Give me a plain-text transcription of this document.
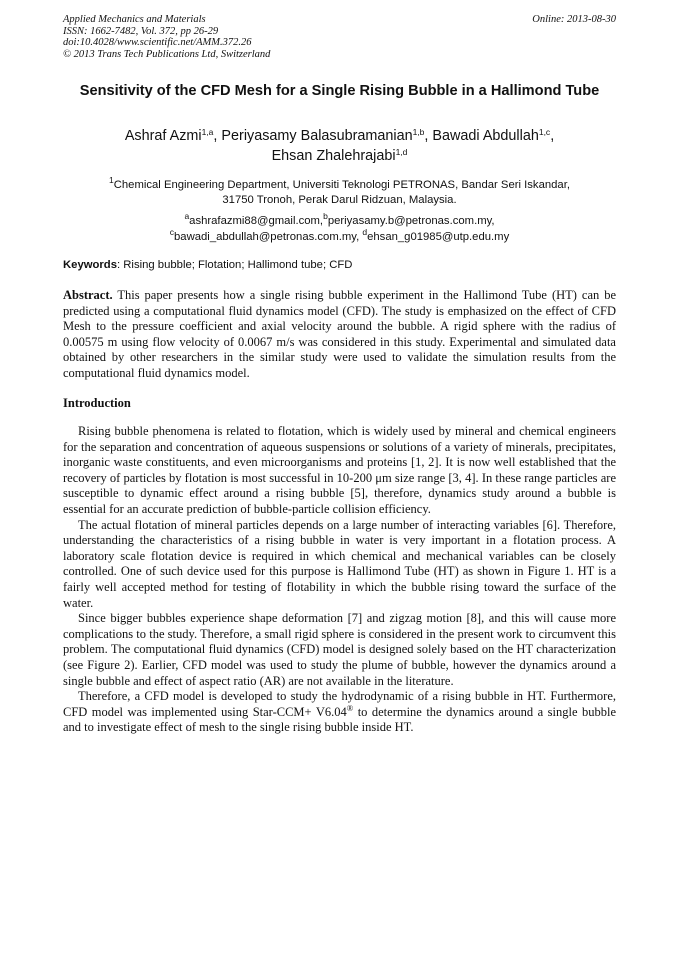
Applied Mechanics and Materials
ISSN: 1662-7482, Vol. 372, pp 26-29
doi:10.4028/www.scientific.net/AMM.372.26
© 2013 Trans Tech Publications Ltd, Switzerland
Online: 2013-08-30
Sensitivity of the CFD Mesh for a Single Rising Bubble in a Hallimond Tube
Ashraf Azmi$^{1,a}$, Periyasamy Balasubramanian$^{1,b}$, Bawadi Abdullah$^{1,c}$,
Ehsan Zhalehrajabi$^{1,d}$
$^1$Chemical Engineering Department, Universiti Teknologi PETRONAS, Bandar Seri Iskandar,
31750 Tronoh, Perak Darul Ridzuan, Malaysia.
$^a$ashrafazmi88@gmail.com,$^b$periyasamy.b@petronas.com.my,
$^c$bawadi_abdullah@petronas.com.my, $^d$ehsan_g01985@utp.edu.my
Keywords: Rising bubble; Flotation; Hallimond tube; CFD
Abstract. This paper presents how a single rising bubble experiment in the Hallimond Tube (HT) can be predicted using a computational fluid dynamics model (CFD). The study is emphasized on the effect of CFD Mesh to the pressure coefficient and axial velocity around the bubble. A rigid sphere with the radius of 0.00575 m using flow velocity of 0.0067 m/s was considered in this study. Experimental and simulated data obtained by other researchers in the similar study were used to validate the simulation results from the computational fluid dynamics model.
Introduction

Rising bubble phenomena is related to flotation, which is widely used by mineral and chemical engineers for the separation and concentration of aqueous suspensions or solutions of a variety of minerals, precipitates, inorganic waste constituents, and even microorganisms and proteins [1, 2]. It is now well established that the recovery of particles by flotation is most successful in 10-200 μm size range [3, 4]. In these range particles are susceptible to dynamic effect around a rising bubble [5], therefore, dynamics study around a bubble is essential for an accurate prediction of bubble-particle collision efficiency.

The actual flotation of mineral particles depends on a large number of interacting variables [6]. Therefore, understanding the characteristics of a rising bubble in water is very important in a flotation process. A laboratory scale flotation device is required in which chemical and mechanical variables can be closely controlled. One of such device used for this purpose is Hallimond Tube (HT) as shown in Figure 1. HT is a fairly well accepted method for testing of flotability in which the bubble rising toward the surface of the water.

Since bigger bubbles experience shape deformation [7] and zigzag motion [8], and this will cause more complications to the study. Therefore, a small rigid sphere is considered in the present work to circumvent this problem. The computational fluid dynamics (CFD) model is designed solely based on the HT characterization (see Figure 2). Earlier, CFD model was used to study the plume of bubble, however the dynamics around a single bubble and effect of aspect ratio (AR) are not available in the literature.

Therefore, a CFD model is developed to study the hydrodynamic of a rising bubble in HT. Furthermore, CFD model was implemented using Star-CCM+ V6.04® to determine the dynamics around a single bubble and to investigate effect of mesh to the single rising bubble inside HT.
